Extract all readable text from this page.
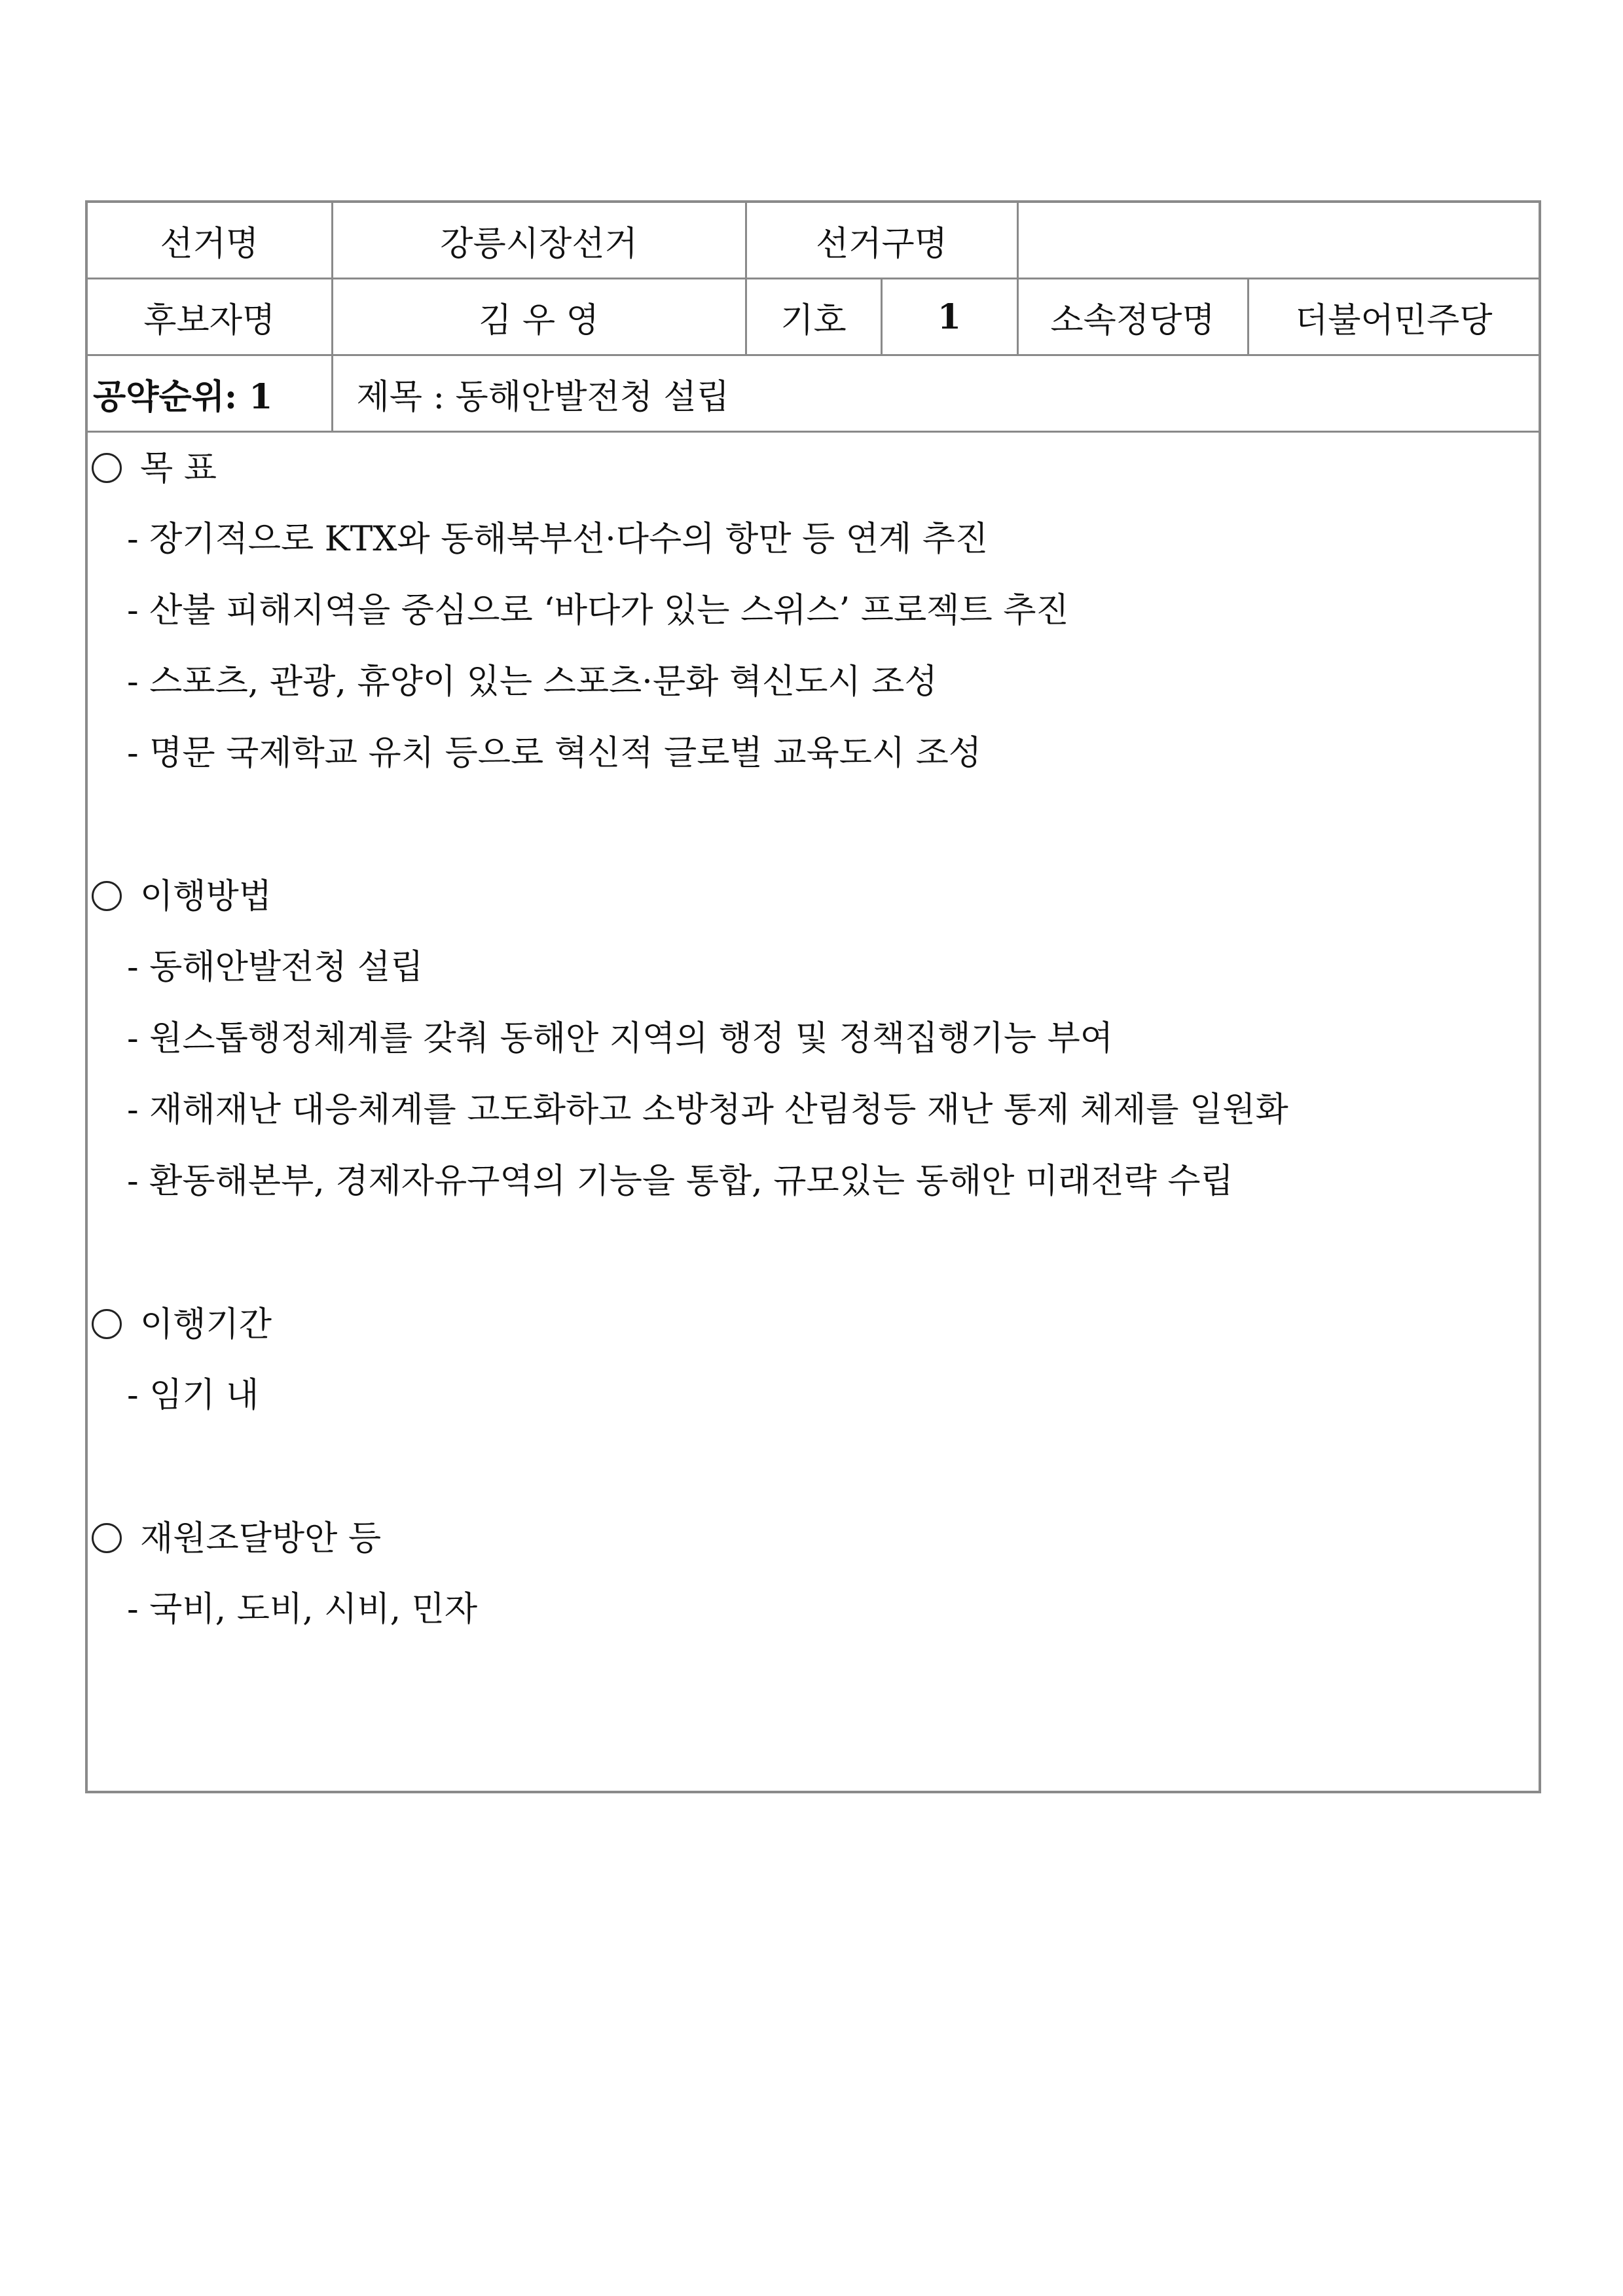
선거명	강릉시장선거	선거구명			
후보자명	김 우 영	기호	1	소속정당명	더불어민주당
공약순위: 1	제목 : 동해안발전청 설립				
목 표
- 장기적으로 KTX와 동해북부선·다수의 항만 등 연계 추진
- 산불 피해지역을 중심으로 ‘바다가 있는 스위스’ 프로젝트 추진
- 스포츠, 관광, 휴양이 있는 스포츠·문화 혁신도시 조성
- 명문 국제학교 유치 등으로 혁신적 글로벌 교육도시 조성
이행방법
- 동해안발전청 설립
- 원스톱행정체계를 갖춰 동해안 지역의 행정 및 정책집행기능 부여
- 재해재난 대응체계를 고도화하고 소방청과 산림청등 재난 통제 체제를 일원화
- 환동해본부, 경제자유구역의 기능을 통합, 규모있는 동해안 미래전략 수립
이행기간
- 임기 내
재원조달방안 등
- 국비, 도비, 시비, 민자
